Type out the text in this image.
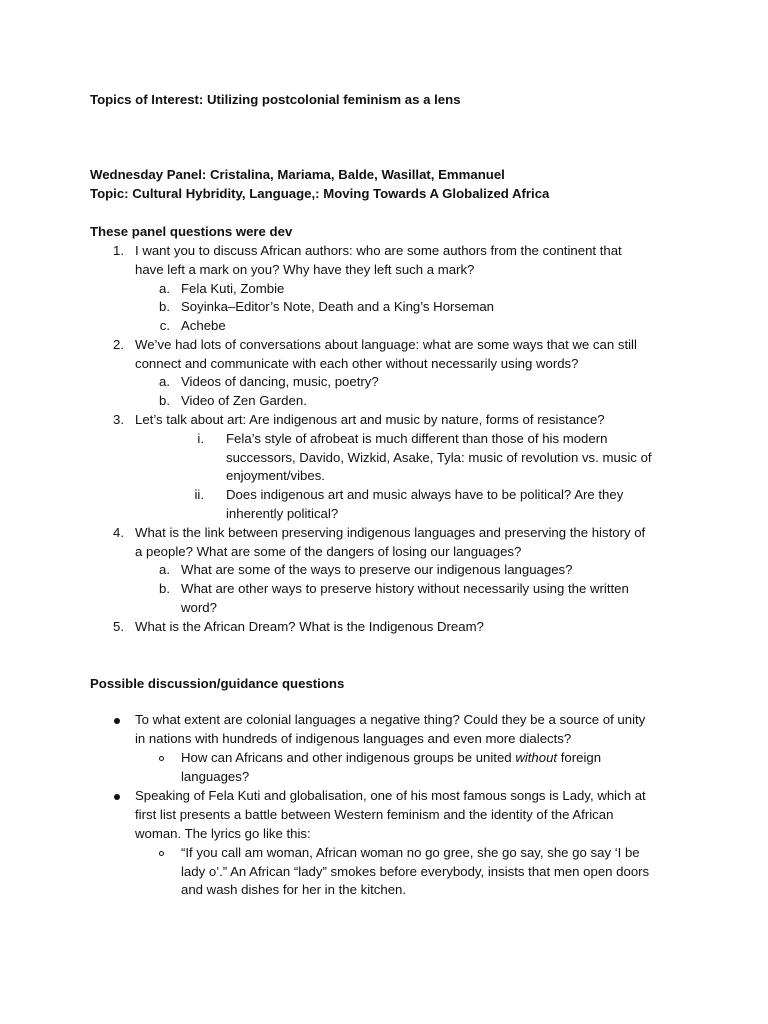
Topics of Interest: Utilizing postcolonial feminism as a lens
Wednesday Panel: Cristalina, Mariama, Balde, Wasillat, Emmanuel
Topic: Cultural Hybridity, Language,: Moving Towards A Globalized Africa
These panel questions were dev
1. I want you to discuss African authors: who are some authors from the continent that
have left a mark on you? Why have they left such a mark?
a. Fela Kuti, Zombie
b. Soyinka–Editor’s Note, Death and a King’s Horseman
c. Achebe
2. We’ve had lots of conversations about language: what are some ways that we can still
connect and communicate with each other without necessarily using words?
a. Videos of dancing, music, poetry?
b. Video of Zen Garden.
3. Let’s talk about art: Are indigenous art and music by nature, forms of resistance?
i. Fela’s style of afrobeat is much different than those of his modern
successors, Davido, Wizkid, Asake, Tyla: music of revolution vs. music of
enjoyment/vibes.
ii. Does indigenous art and music always have to be political? Are they
inherently political?
4. What is the link between preserving indigenous languages and preserving the history of
a people? What are some of the dangers of losing our languages?
a. What are some of the ways to preserve our indigenous languages?
b. What are other ways to preserve history without necessarily using the written
word?
5. What is the African Dream? What is the Indigenous Dream?
Possible discussion/guidance questions
To what extent are colonial languages a negative thing? Could they be a source of unity
in nations with hundreds of indigenous languages and even more dialects?
How can Africans and other indigenous groups be united without foreign
languages?
Speaking of Fela Kuti and globalisation, one of his most famous songs is Lady, which at
first list presents a battle between Western feminism and the identity of the African
woman. The lyrics go like this:
“If you call am woman, African woman no go gree, she go say, she go say ‘I be
lady o’.” An African “lady” smokes before everybody, insists that men open doors
and wash dishes for her in the kitchen.
